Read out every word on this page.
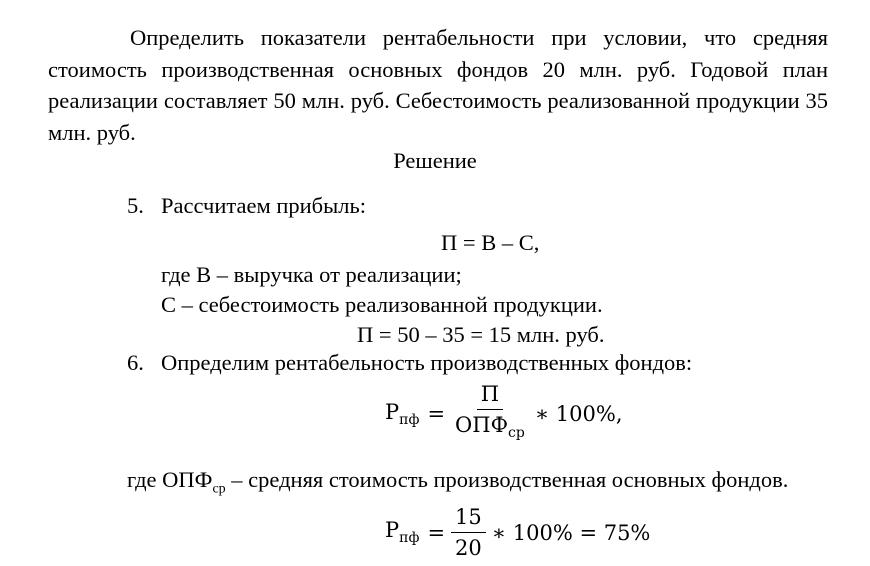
Определить показатели рентабельности при условии, что средняя стоимость производственная основных фондов 20 млн. руб. Годовой план реализации составляет 50 млн. руб. Себестоимость реализованной продукции 35 млн. руб.

Решение

5. Рассчитаем прибыль:
П = В – С,
где В – выручка от реализации;
С – себестоимость реализованной продукции.
П = 50 – 35 = 15 млн. руб.
6. Определим рентабельность производственных фондов:
$Р_{пф} = \frac{П}{ОПФ_{ср}}$ ∗ 100%,
где $ОПФ_{ср}$ – средняя стоимость производственная основных фондов.
$Р_{пф} = \frac{15}{20}$ ∗ 100% = 75%
